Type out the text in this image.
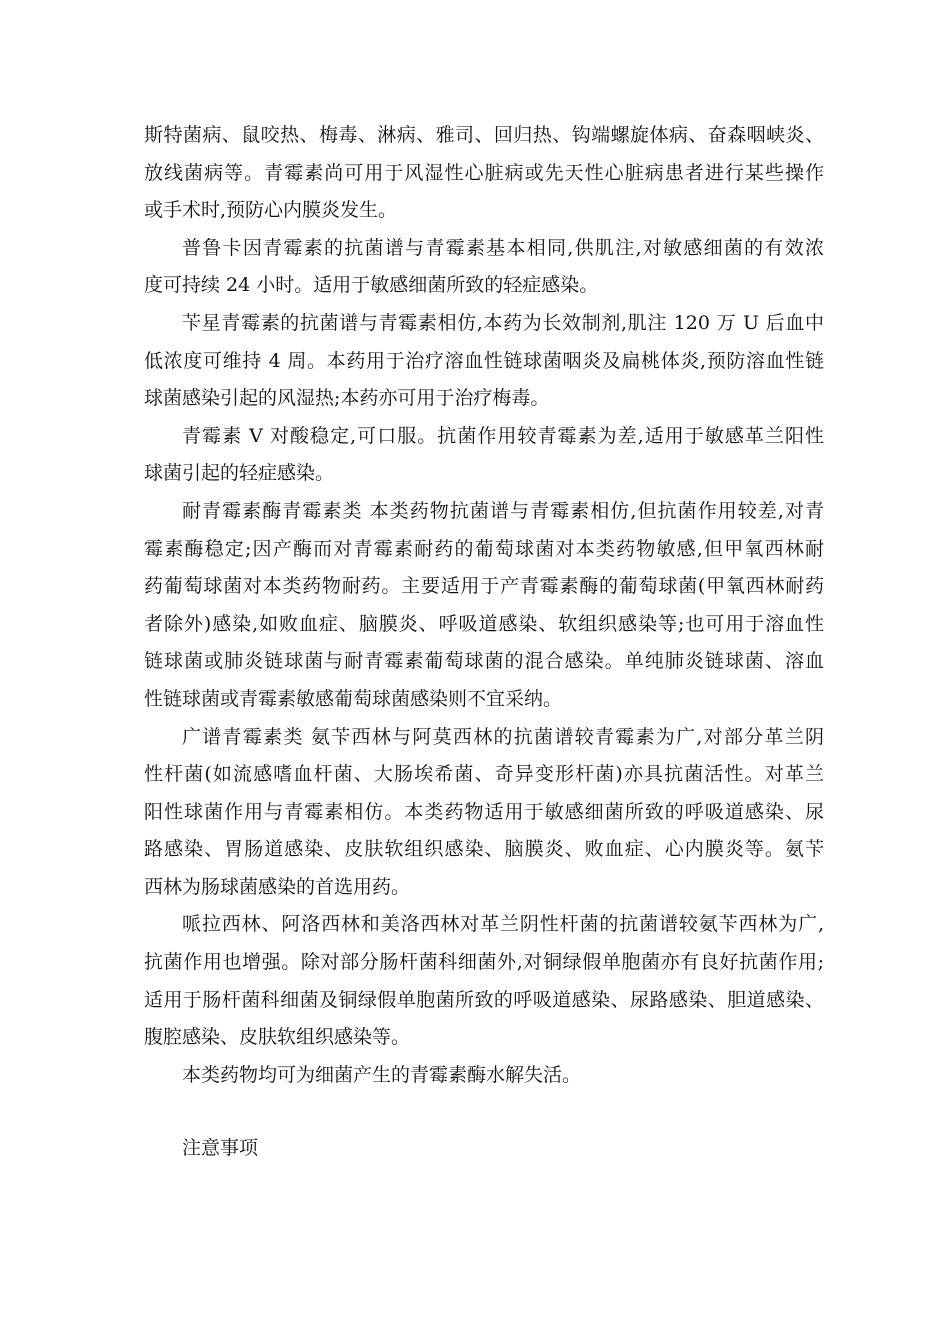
斯特菌病、鼠咬热、梅毒、淋病、雅司、回归热、钩端螺旋体病、奋森咽峡炎、
放线菌病等。青霉素尚可用于风湿性心脏病或先天性心脏病患者进行某些操作
或手术时,预防心内膜炎发生。
普鲁卡因青霉素的抗菌谱与青霉素基本相同,供肌注,对敏感细菌的有效浓
度可持续 24 小时。适用于敏感细菌所致的轻症感染。
苄星青霉素的抗菌谱与青霉素相仿,本药为长效制剂,肌注 120 万 U 后血中
低浓度可维持 4 周。本药用于治疗溶血性链球菌咽炎及扁桃体炎,预防溶血性链
球菌感染引起的风湿热;本药亦可用于治疗梅毒。
青霉素 V 对酸稳定,可口服。抗菌作用较青霉素为差,适用于敏感革兰阳性
球菌引起的轻症感染。
耐青霉素酶青霉素类 本类药物抗菌谱与青霉素相仿,但抗菌作用较差,对青
霉素酶稳定;因产酶而对青霉素耐药的葡萄球菌对本类药物敏感,但甲氧西林耐
药葡萄球菌对本类药物耐药。主要适用于产青霉素酶的葡萄球菌(甲氧西林耐药
者除外)感染,如败血症、脑膜炎、呼吸道感染、软组织感染等;也可用于溶血性
链球菌或肺炎链球菌与耐青霉素葡萄球菌的混合感染。单纯肺炎链球菌、溶血
性链球菌或青霉素敏感葡萄球菌感染则不宜采纳。
广谱青霉素类 氨苄西林与阿莫西林的抗菌谱较青霉素为广,对部分革兰阴
性杆菌(如流感嗜血杆菌、大肠埃希菌、奇异变形杆菌)亦具抗菌活性。对革兰
阳性球菌作用与青霉素相仿。本类药物适用于敏感细菌所致的呼吸道感染、尿
路感染、胃肠道感染、皮肤软组织感染、脑膜炎、败血症、心内膜炎等。氨苄
西林为肠球菌感染的首选用药。
哌拉西林、阿洛西林和美洛西林对革兰阴性杆菌的抗菌谱较氨苄西林为广,
抗菌作用也增强。除对部分肠杆菌科细菌外,对铜绿假单胞菌亦有良好抗菌作用;
适用于肠杆菌科细菌及铜绿假单胞菌所致的呼吸道感染、尿路感染、胆道感染、
腹腔感染、皮肤软组织感染等。
本类药物均可为细菌产生的青霉素酶水解失活。
注意事项
